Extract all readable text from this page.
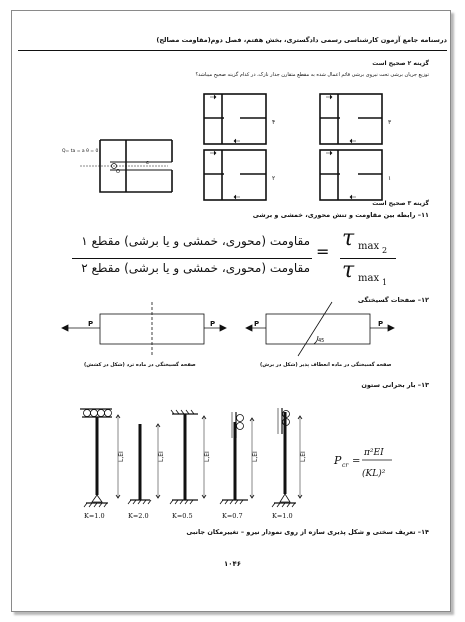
درسنامه جامع آزمون کارشناسی رسمی دادگستری، بخش هفتم، فصل دوم(مقاومت مصالح)
گزینه ۲ صحیح است
توزیع جریان برشی تحت نیروی برشی قائم اعمال شده به مقطع متقارن جدار نازک، در کدام گزینه صحیح میباشد؟
Q= ta = a θ = 0
O
e
۴	۳
۲	۱
گزینه ۳ صحیح است
۱۱– رابطه بین مقاومت و تنش محوری، خمشی و برشی
مقاومت (محوری، خمشی و یا برشی) مقطع ۱
مقاومت (محوری، خمشی و یا برشی) مقطع ۲
=
τ max 2
τ max 1
۱۲– صفحات گسیختگی
P	P	P	P
45
صفحه گسیختگی در ماده ترد (شکل در کشش)	صفحه گسیختگی در ماده انعطاف پذیر (شکل در برش)
۱۳– بار بحرانی ستون
L,EI	L,EI	L,EI	L,EI	L,EI
K=1.0	K=2.0	K=0.5	K=0.7	K=1.0
P cr =
π²EI
(KL)²
۱۴– تعریف سختی و شکل پذیری سازه از روی نمودار نیرو – تغییرمکان جانبی
۱۰۴۶
